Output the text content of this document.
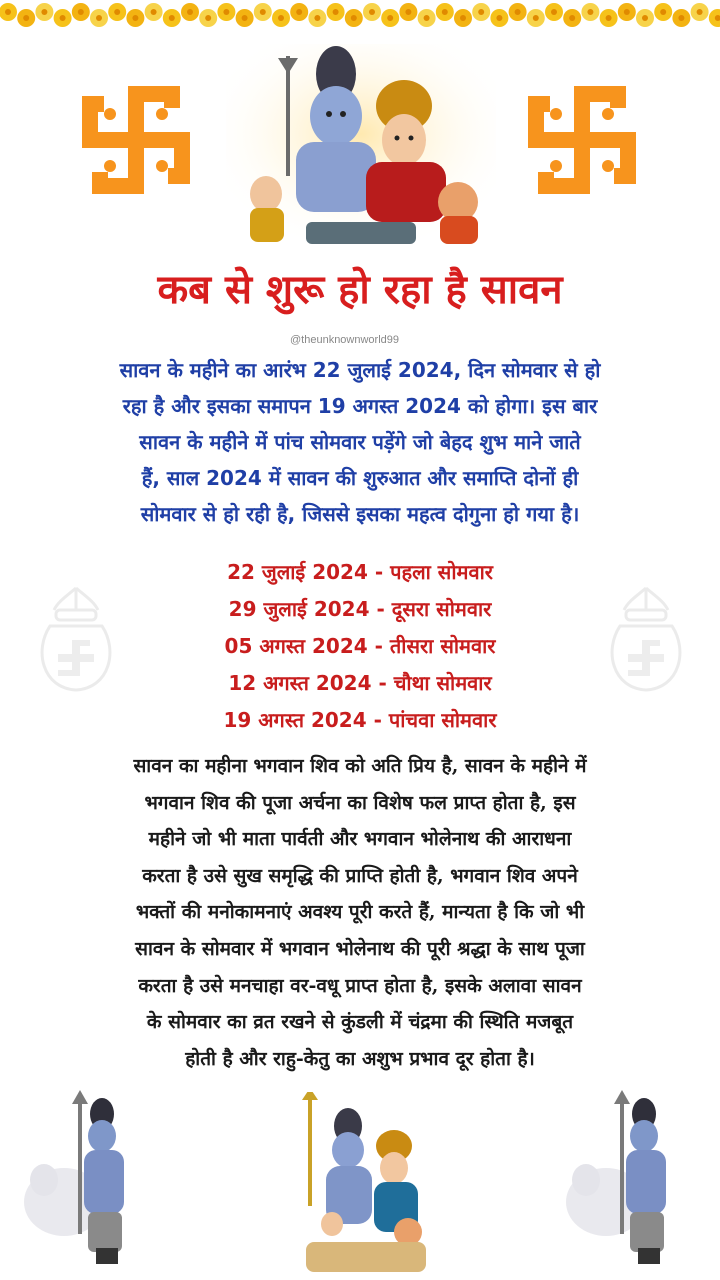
कब से शुरू हो रहा है सावन
@theunknownworld99
सावन के महीने का आरंभ 22 जुलाई 2024, दिन सोमवार से हो
रहा है और इसका समापन 19 अगस्त 2024 को होगा। इस बार
सावन के महीने में पांच सोमवार पड़ेंगे जो बेहद शुभ माने जाते
हैं, साल 2024 में सावन की शुरुआत और समाप्ति दोनों ही
सोमवार से हो रही है, जिससे इसका महत्व दोगुना हो गया है।
22 जुलाई 2024 - पहला सोमवार
29 जुलाई 2024 - दूसरा सोमवार
05 अगस्त 2024 - तीसरा सोमवार
12 अगस्त 2024 - चौथा सोमवार
19 अगस्त 2024 - पांचवा सोमवार
सावन का महीना भगवान शिव को अति प्रिय है, सावन के महीने में
भगवान शिव की पूजा अर्चना का विशेष फल प्राप्त होता है, इस
महीने जो भी माता पार्वती और भगवान भोलेनाथ की आराधना
करता है उसे सुख समृद्धि की प्राप्ति होती है, भगवान शिव अपने
भक्तों की मनोकामनाएं अवश्य पूरी करते हैं, मान्यता है कि जो भी
सावन के सोमवार में भगवान भोलेनाथ की पूरी श्रद्धा के साथ पूजा
करता है उसे मनचाहा वर-वधू प्राप्त होता है, इसके अलावा सावन
के सोमवार का व्रत रखने से कुंडली में चंद्रमा की स्थिति मजबूत
होती है और राहु-केतु का अशुभ प्रभाव दूर होता है।
